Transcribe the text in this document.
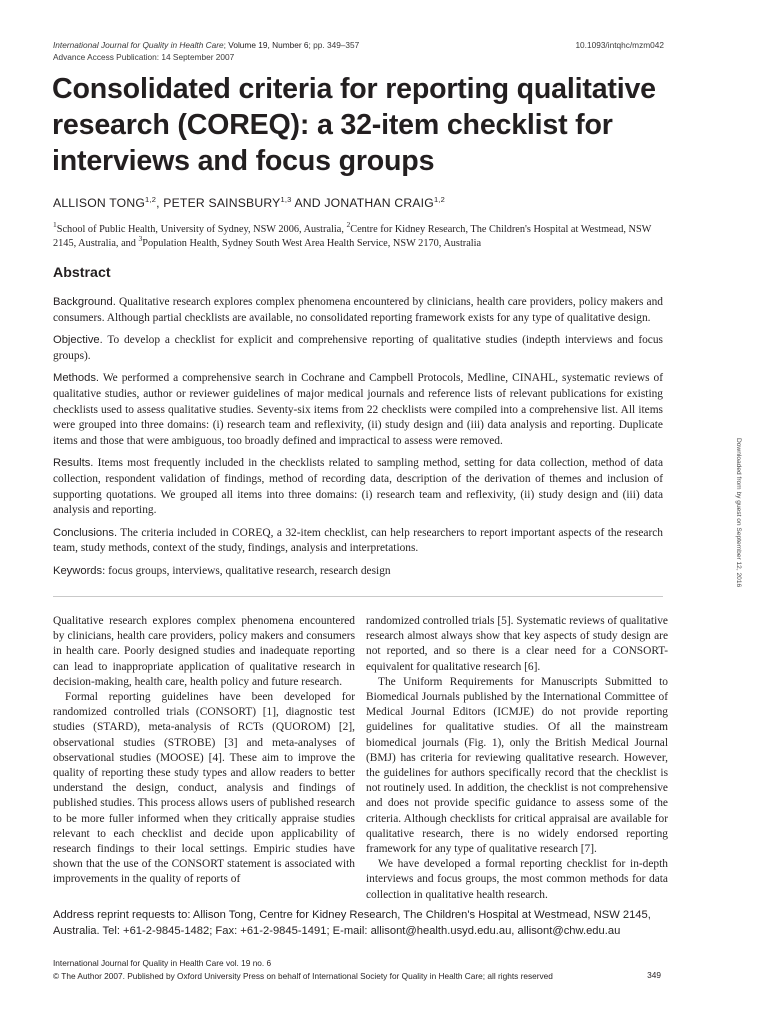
International Journal for Quality in Health Care; Volume 19, Number 6; pp. 349–357
Advance Access Publication: 14 September 2007
10.1093/intqhc/mzm042
Consolidated criteria for reporting qualitative research (COREQ): a 32-item checklist for interviews and focus groups
ALLISON TONG$^{1,2}$, PETER SAINSBURY$^{1,3}$ AND JONATHAN CRAIG$^{1,2}$
$^1$School of Public Health, University of Sydney, NSW 2006, Australia, $^2$Centre for Kidney Research, The Children's Hospital at Westmead, NSW 2145, Australia, and $^3$Population Health, Sydney South West Area Health Service, NSW 2170, Australia
Abstract

Background. Qualitative research explores complex phenomena encountered by clinicians, health care providers, policy makers and consumers. Although partial checklists are available, no consolidated reporting framework exists for any type of qualitative design.

Objective. To develop a checklist for explicit and comprehensive reporting of qualitative studies (indepth interviews and focus groups).

Methods. We performed a comprehensive search in Cochrane and Campbell Protocols, Medline, CINAHL, systematic reviews of qualitative studies, author or reviewer guidelines of major medical journals and reference lists of relevant publications for existing checklists used to assess qualitative studies. Seventy-six items from 22 checklists were compiled into a comprehensive list. All items were grouped into three domains: (i) research team and reflexivity, (ii) study design and (iii) data analysis and reporting. Duplicate items and those that were ambiguous, too broadly defined and impractical to assess were removed.

Results. Items most frequently included in the checklists related to sampling method, setting for data collection, method of data collection, respondent validation of findings, method of recording data, description of the derivation of themes and inclusion of supporting quotations. We grouped all items into three domains: (i) research team and reflexivity, (ii) study design and (iii) data analysis and reporting.

Conclusions. The criteria included in COREQ, a 32-item checklist, can help researchers to report important aspects of the research team, study methods, context of the study, findings, analysis and interpretations.

Keywords: focus groups, interviews, qualitative research, research design

Qualitative research explores complex phenomena encountered by clinicians, health care providers, policy makers and consumers in health care. Poorly designed studies and inadequate reporting can lead to inappropriate application of qualitative research in decision-making, health care, health policy and future research.

Formal reporting guidelines have been developed for randomized controlled trials (CONSORT) [1], diagnostic test studies (STARD), meta-analysis of RCTs (QUOROM) [2], observational studies (STROBE) [3] and meta-analyses of observational studies (MOOSE) [4]. These aim to improve the quality of reporting these study types and allow readers to better understand the design, conduct, analysis and findings of published studies. This process allows users of published research to be more fuller informed when they critically appraise studies relevant to each checklist and decide upon applicability of research findings to their local settings. Empiric studies have shown that the use of the CONSORT statement is associated with improvements in the quality of reports of

randomized controlled trials [5]. Systematic reviews of qualitative research almost always show that key aspects of study design are not reported, and so there is a clear need for a CONSORT-equivalent for qualitative research [6].

The Uniform Requirements for Manuscripts Submitted to Biomedical Journals published by the International Committee of Medical Journal Editors (ICMJE) do not provide reporting guidelines for qualitative studies. Of all the mainstream biomedical journals (Fig. 1), only the British Medical Journal (BMJ) has criteria for reviewing qualitative research. However, the guidelines for authors specifically record that the checklist is not routinely used. In addition, the checklist is not comprehensive and does not provide specific guidance to assess some of the criteria. Although checklists for critical appraisal are available for qualitative research, there is no widely endorsed reporting framework for any type of qualitative research [7].

We have developed a formal reporting checklist for in-depth interviews and focus groups, the most common methods for data collection in qualitative health research.

Address reprint requests to: Allison Tong, Centre for Kidney Research, The Children's Hospital at Westmead, NSW 2145, Australia. Tel: +61-2-9845-1482; Fax: +61-2-9845-1491; E-mail: allisont@health.usyd.edu.au, allisont@chw.edu.au
International Journal for Quality in Health Care vol. 19 no. 6
© The Author 2007. Published by Oxford University Press on behalf of International Society for Quality in Health Care; all rights reserved	349
Downloaded from by guest on September 12, 2016
